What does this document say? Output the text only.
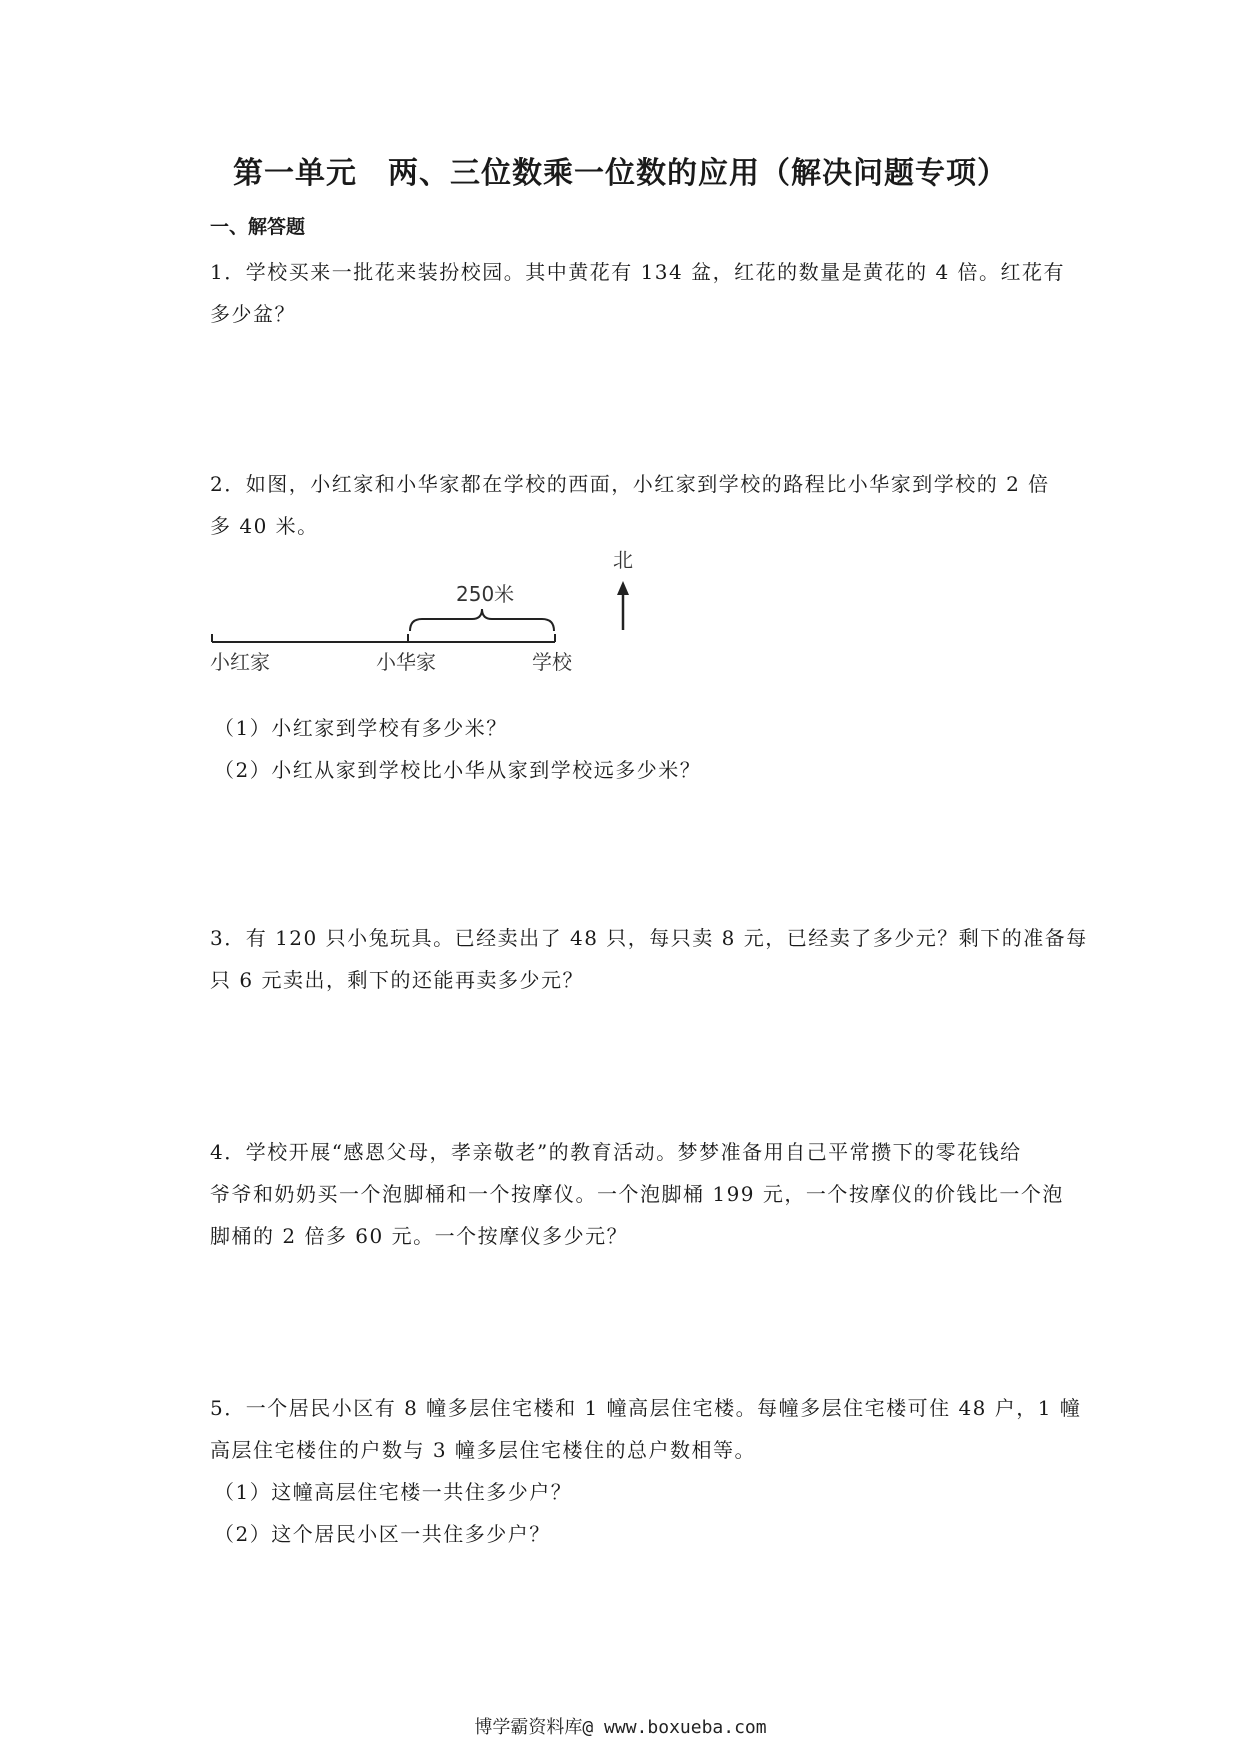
第一单元　两、三位数乘一位数的应用（解决问题专项）
一、解答题
1．学校买来一批花来装扮校园。其中黄花有 134 盆，红花的数量是黄花的 4 倍。红花有
多少盆？
2．如图，小红家和小华家都在学校的西面，小红家到学校的路程比小华家到学校的 2 倍
多 40 米。
250米
小红家	小华家	学校
北
（1）小红家到学校有多少米？
（2）小红从家到学校比小华从家到学校远多少米？
3．有 120 只小兔玩具。已经卖出了 48 只，每只卖 8 元，已经卖了多少元？剩下的准备每
只 6 元卖出，剩下的还能再卖多少元？
4．学校开展“感恩父母，孝亲敬老”的教育活动。梦梦准备用自己平常攒下的零花钱给
爷爷和奶奶买一个泡脚桶和一个按摩仪。一个泡脚桶 199 元，一个按摩仪的价钱比一个泡
脚桶的 2 倍多 60 元。一个按摩仪多少元？
5．一个居民小区有 8 幢多层住宅楼和 1 幢高层住宅楼。每幢多层住宅楼可住 48 户，1 幢
高层住宅楼住的户数与 3 幢多层住宅楼住的总户数相等。
（1）这幢高层住宅楼一共住多少户？
（2）这个居民小区一共住多少户？
博学霸资料库@ www.boxueba.com
